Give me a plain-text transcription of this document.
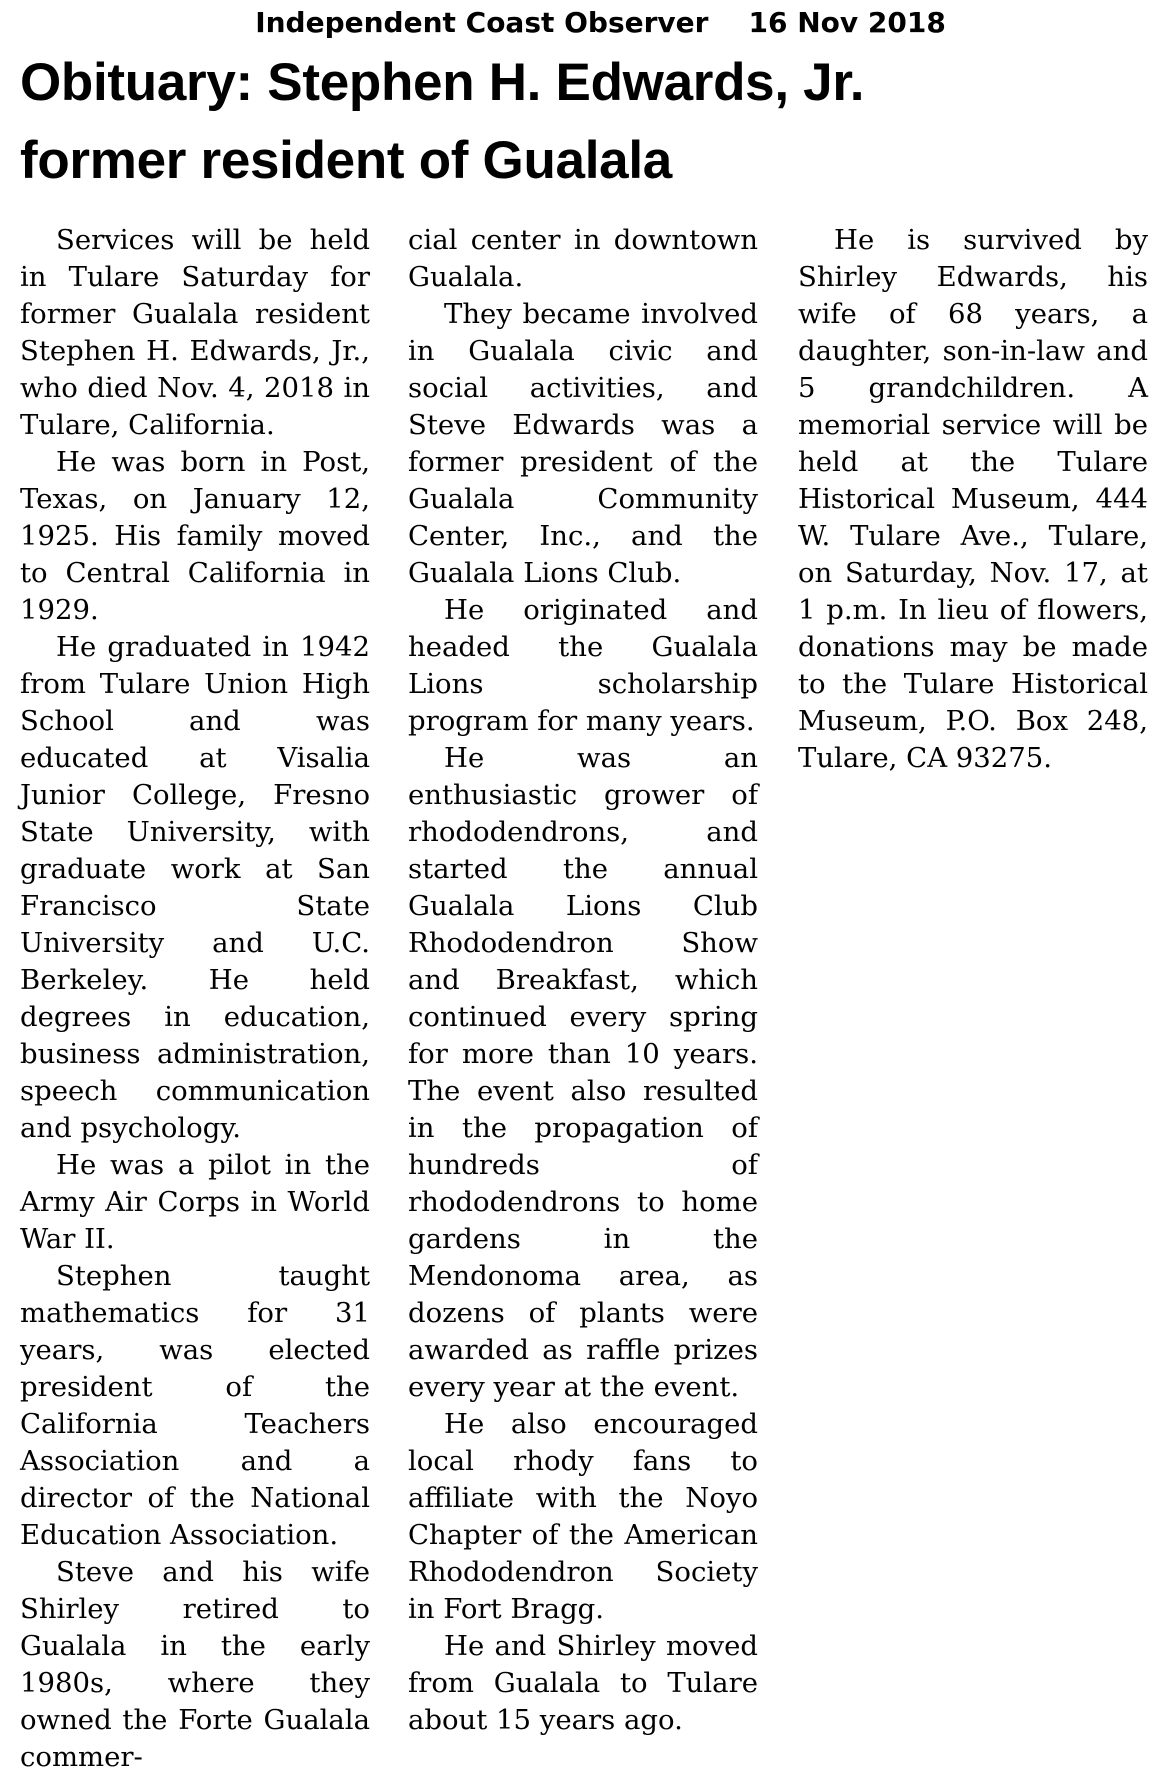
Independent Coast Observer 16 Nov 2018
Obituary: Stephen H. Edwards, Jr.
former resident of Gualala

Services will be held in Tulare Saturday for former Gualala resident Stephen H. Edwards, Jr., who died Nov. 4, 2018 in Tulare, California.

He was born in Post, Texas, on January 12, 1925. His family moved to Central California in 1929.

He graduated in 1942 from Tulare Union High School and was educated at Visalia Junior College, Fresno State University, with graduate work at San Francisco State University and U.C. Berkeley. He held degrees in education, business administration, speech communication and psychology.

He was a pilot in the Army Air Corps in World War II.

Stephen taught mathematics for 31 years, was elected president of the California Teachers Association and a director of the National Education Association.

Steve and his wife Shirley retired to Gualala in the early 1980s, where they owned the Forte Gualala commer-

cial center in downtown Gualala.

They became involved in Gualala civic and social activities, and Steve Edwards was a former president of the Gualala Community Center, Inc., and the Gualala Lions Club.

He originated and headed the Gualala Lions scholarship program for many years.

He was an enthusiastic grower of rhododendrons, and started the annual Gualala Lions Club Rhododendron Show and Breakfast, which continued every spring for more than 10 years. The event also resulted in the propagation of hundreds of rhododendrons to home gardens in the Mendonoma area, as dozens of plants were awarded as raffle prizes every year at the event.

He also encouraged local rhody fans to affiliate with the Noyo Chapter of the American Rhododendron Society in Fort Bragg.

He and Shirley moved from Gualala to Tulare about 15 years ago.

He is survived by Shirley Edwards, his wife of 68 years, a daughter, son-in-law and 5 grandchildren. A memorial service will be held at the Tulare Historical Museum, 444 W. Tulare Ave., Tulare, on Saturday, Nov. 17, at 1 p.m. In lieu of flowers, donations may be made to the Tulare Historical Museum, P.O. Box 248, Tulare, CA 93275.
